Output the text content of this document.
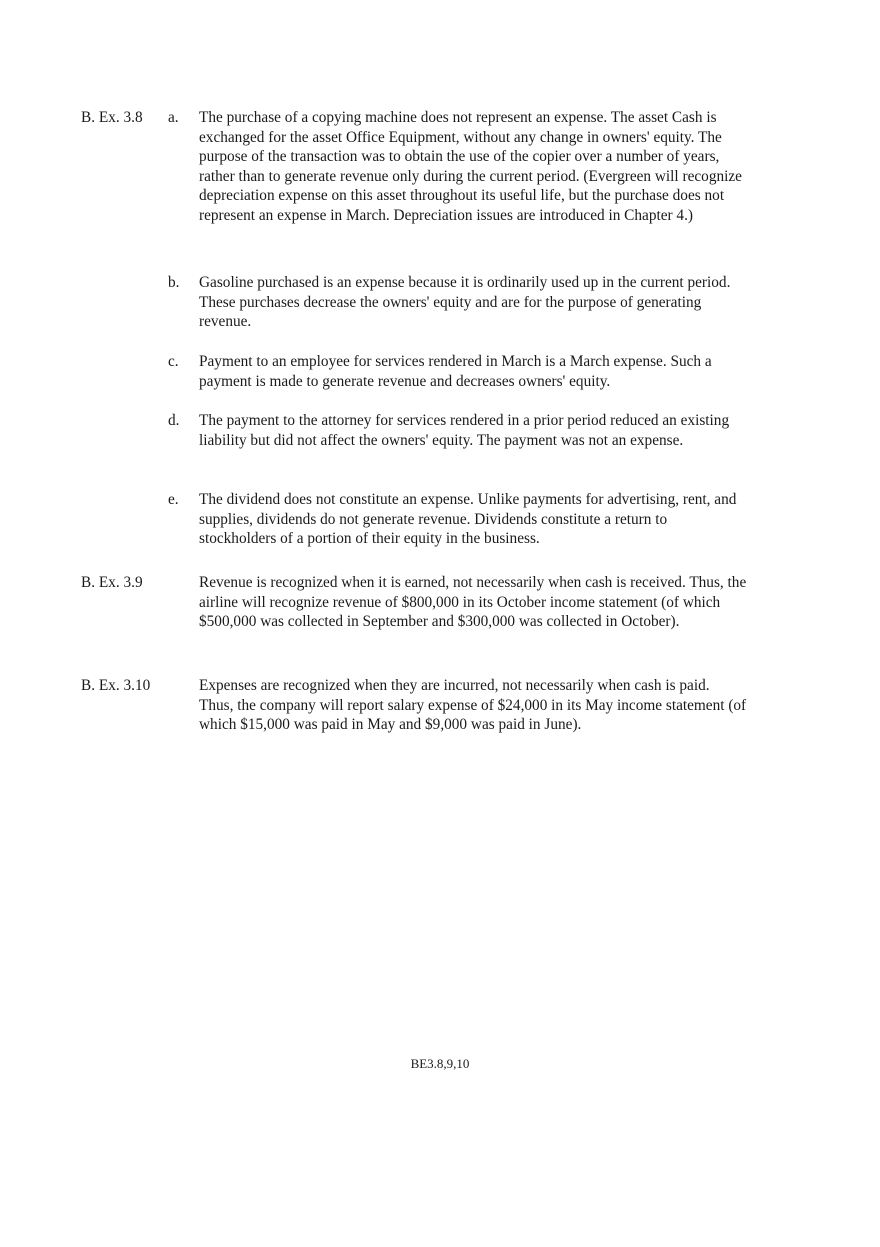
B. Ex. 3.8 a. The purchase of a copying machine does not represent an expense. The asset Cash is exchanged for the asset Office Equipment, without any change in owners' equity. The purpose of the transaction was to obtain the use of the copier over a number of years, rather than to generate revenue only during the current period. (Evergreen will recognize depreciation expense on this asset throughout its useful life, but the purchase does not represent an expense in March. Depreciation issues are introduced in Chapter 4.)
b. Gasoline purchased is an expense because it is ordinarily used up in the current period. These purchases decrease the owners' equity and are for the purpose of generating revenue.
c. Payment to an employee for services rendered in March is a March expense. Such a payment is made to generate revenue and decreases owners' equity.
d. The payment to the attorney for services rendered in a prior period reduced an existing liability but did not affect the owners' equity. The payment was not an expense.
e. The dividend does not constitute an expense. Unlike payments for advertising, rent, and supplies, dividends do not generate revenue. Dividends constitute a return to stockholders of a portion of their equity in the business.
B. Ex. 3.9	Revenue is recognized when it is earned, not necessarily when cash is received. Thus, the airline will recognize revenue of $800,000 in its October income statement (of which $500,000 was collected in September and $300,000 was collected in October).
B. Ex. 3.10	Expenses are recognized when they are incurred, not necessarily when cash is paid. Thus, the company will report salary expense of $24,000 in its May income statement (of which $15,000 was paid in May and $9,000 was paid in June).
BE3.8,9,10
